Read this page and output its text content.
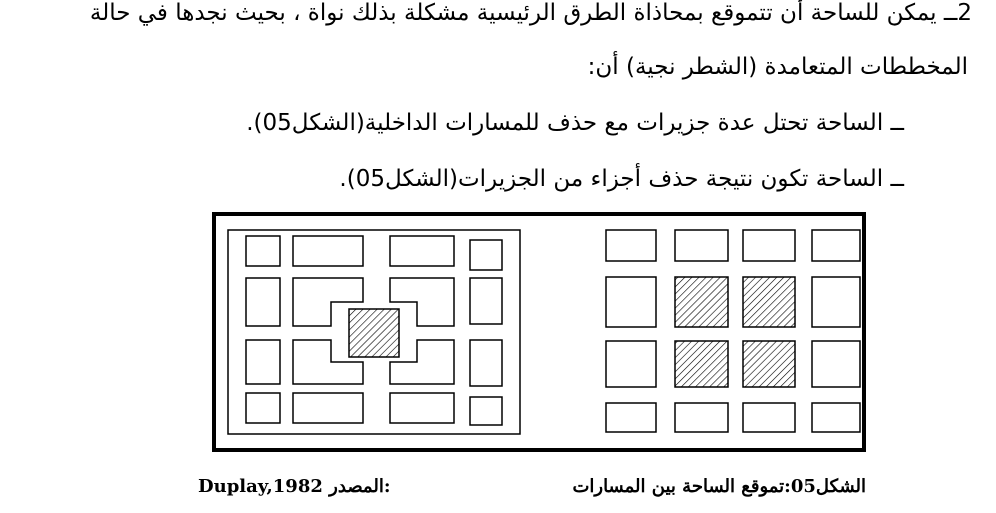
2ــ يمكن للساحة أن تتموقع بمحاذاة الطرق الرئيسية مشكلة بذلك نواة ، بحيث نجدها في حالة
المخططات المتعامدة (الشطر نجية) أن:
ــ الساحة تحتل عدة جزيرات مع حذف للمسارات الداخلية(الشكل05).
ــ الساحة تكون نتيجة حذف أجزاء من الجزيرات(الشكل05).
الشكل05:تموقع الساحة بين المسارات
Duplay,1982 المصدر:
